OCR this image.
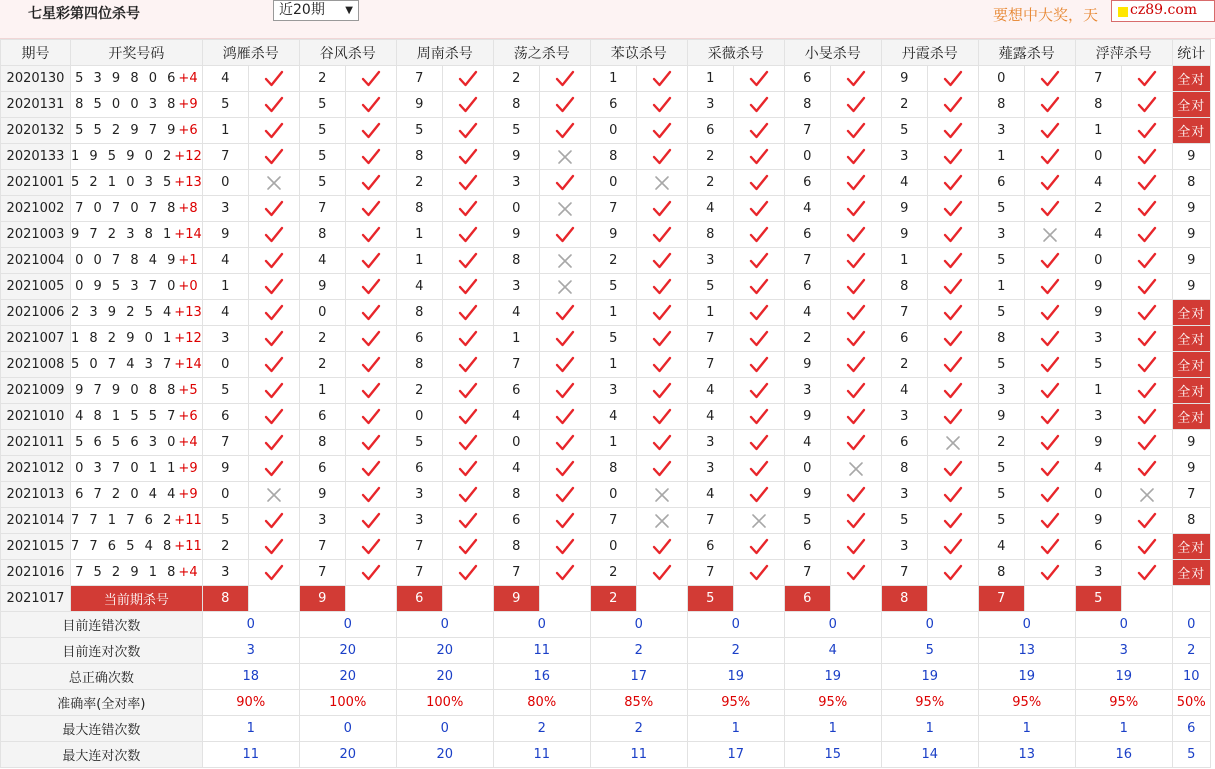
七星彩第四位杀号	近20期 ▼	要想中大奖，天 cz89.com
期号	开奖号码	鸿雁杀号		谷风杀号		周南杀号		荡之杀号		苯苡杀号		采薇杀号		小旻杀号		丹霞杀号		薤露杀号		浮萍杀号		统计
2020130	5 3 9 8 0 6+4	4		2		7		2		1		1		6		9		0		7		全对
2020131	8 5 0 0 3 8+9	5		5		9		8		6		3		8		2		8		8		全对
2020132	5 5 2 9 7 9+6	1		5		5		5		0		6		7		5		3		1		全对
2020133	1 9 5 9 0 2+12	7		5		8		9		8		2		0		3		1		0		9
2021001	5 2 1 0 3 5+13	0		5		2		3		0		2		6		4		6		4		8
2021002	7 0 7 0 7 8+8	3		7		8		0		7		4		4		9		5		2		9
2021003	9 7 2 3 8 1+14	9		8		1		9		9		8		6		9		3		4		9
2021004	0 0 7 8 4 9+1	4		4		1		8		2		3		7		1		5		0		9
2021005	0 9 5 3 7 0+0	1		9		4		3		5		5		6		8		1		9		9
2021006	2 3 9 2 5 4+13	4		0		8		4		1		1		4		7		5		9		全对
2021007	1 8 2 9 0 1+12	3		2		6		1		5		7		2		6		8		3		全对
2021008	5 0 7 4 3 7+14	0		2		8		7		1		7		9		2		5		5		全对
2021009	9 7 9 0 8 8+5	5		1		2		6		3		4		3		4		3		1		全对
2021010	4 8 1 5 5 7+6	6		6		0		4		4		4		9		3		9		3		全对
2021011	5 6 5 6 3 0+4	7		8		5		0		1		3		4		6		2		9		9
2021012	0 3 7 0 1 1+9	9		6		6		4		8		3		0		8		5		4		9
2021013	6 7 2 0 4 4+9	0		9		3		8		0		4		9		3		5		0		7
2021014	7 7 1 7 6 2+11	5		3		3		6		7		7		5		5		5		9		8
2021015	7 7 6 5 4 8+11	2		7		7		8		0		6		6		3		4		6		全对
2021016	7 5 2 9 1 8+4	3		7		7		7		2		7		7		7		8		3		全对
2021017	当前期杀号	8		9		6		9		2		5		6		8		7		5		
目前连错次数		0		0		0		0		0		0		0		0		0		0		0
目前连对次数		3		20		20		11		2		2		4		5		13		3		2
总正确次数		18		20		20		16		17		19		19		19		19		19		10
准确率(全对率)		90%		100%		100%		80%		85%		95%		95%		95%		95%		95%		50%
最大连错次数		1		0		0		2		2		1		1		1		1		1		6
最大连对次数		11		20		20		11		11		17		15		14		13		16		5
